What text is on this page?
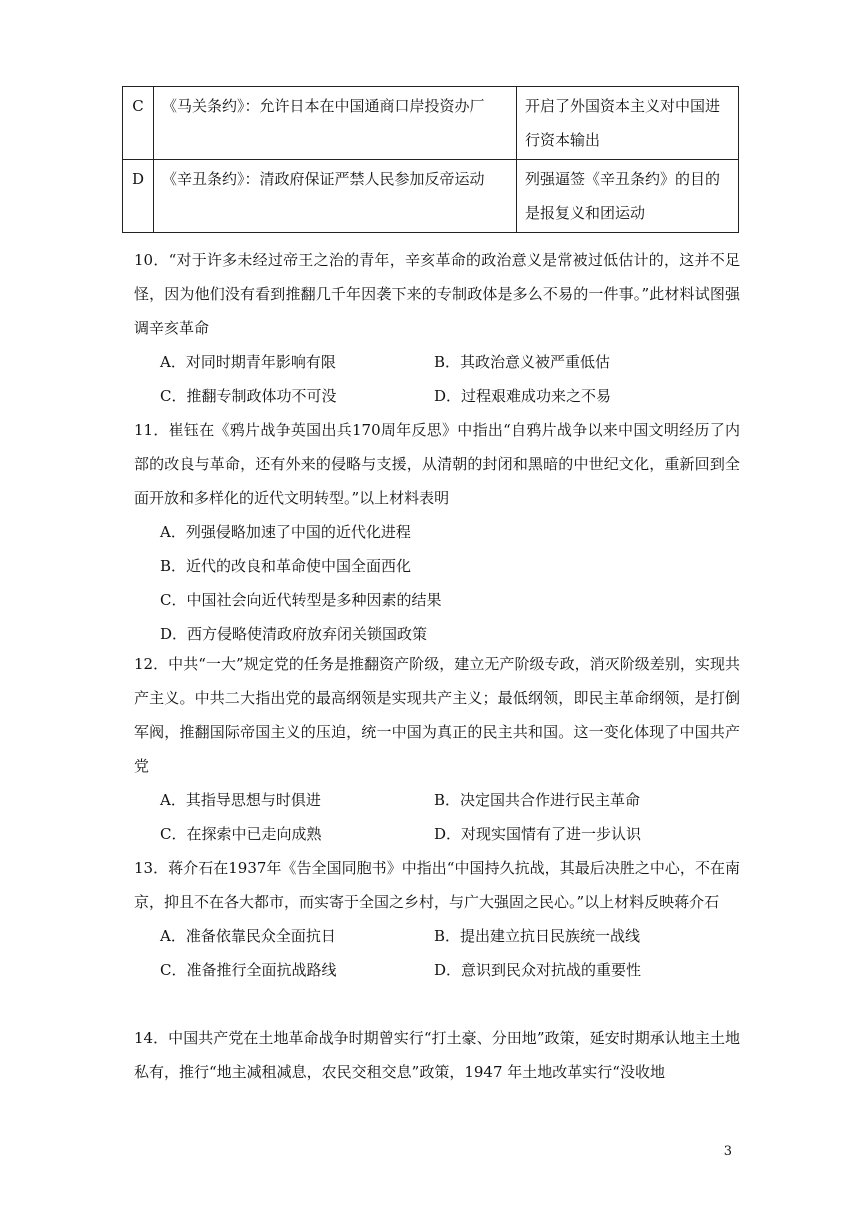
C	《马关条约》：允许日本在中国通商口岸投资办厂	开启了外国资本主义对中国进行资本输出
D	《辛丑条约》：清政府保证严禁人民参加反帝运动	列强逼签《辛丑条约》的目的是报复义和团运动

10．“对于许多未经过帝王之治的青年，辛亥革命的政治意义是常被过低估计的，这并不足怪，因为他们没有看到推翻几千年因袭下来的专制政体是多么不易的一件事。”此材料试图强调辛亥革命

A．对同时期青年影响有限	B．其政治意义被严重低估
C．推翻专制政体功不可没	D．过程艰难成功来之不易

11．崔钰在《鸦片战争英国出兵170周年反思》中指出“自鸦片战争以来中国文明经历了内部的改良与革命，还有外来的侵略与支援，从清朝的封闭和黑暗的中世纪文化，重新回到全面开放和多样化的近代文明转型。”以上材料表明

A．列强侵略加速了中国的近代化进程
B．近代的改良和革命使中国全面西化
C．中国社会向近代转型是多种因素的结果
D．西方侵略使清政府放弃闭关锁国政策

12．中共“一大”规定党的任务是推翻资产阶级，建立无产阶级专政，消灭阶级差别，实现共产主义。中共二大指出党的最高纲领是实现共产主义；最低纲领，即民主革命纲领，是打倒军阀，推翻国际帝国主义的压迫，统一中国为真正的民主共和国。这一变化体现了中国共产党

A．其指导思想与时俱进	B．决定国共合作进行民主革命
C．在探索中已走向成熟	D．对现实国情有了进一步认识

13．蒋介石在1937年《告全国同胞书》中指出“中国持久抗战，其最后决胜之中心，不在南京，抑且不在各大都市，而实寄于全国之乡村，与广大强固之民心。”以上材料反映蒋介石

A．准备依靠民众全面抗日	B．提出建立抗日民族统一战线
C．准备推行全面抗战路线	D．意识到民众对抗战的重要性

14．中国共产党在土地革命战争时期曾实行“打土豪、分田地”政策，延安时期承认地主土地私有，推行“地主减租减息，农民交租交息”政策，1947 年土地改革实行“没收地

3
